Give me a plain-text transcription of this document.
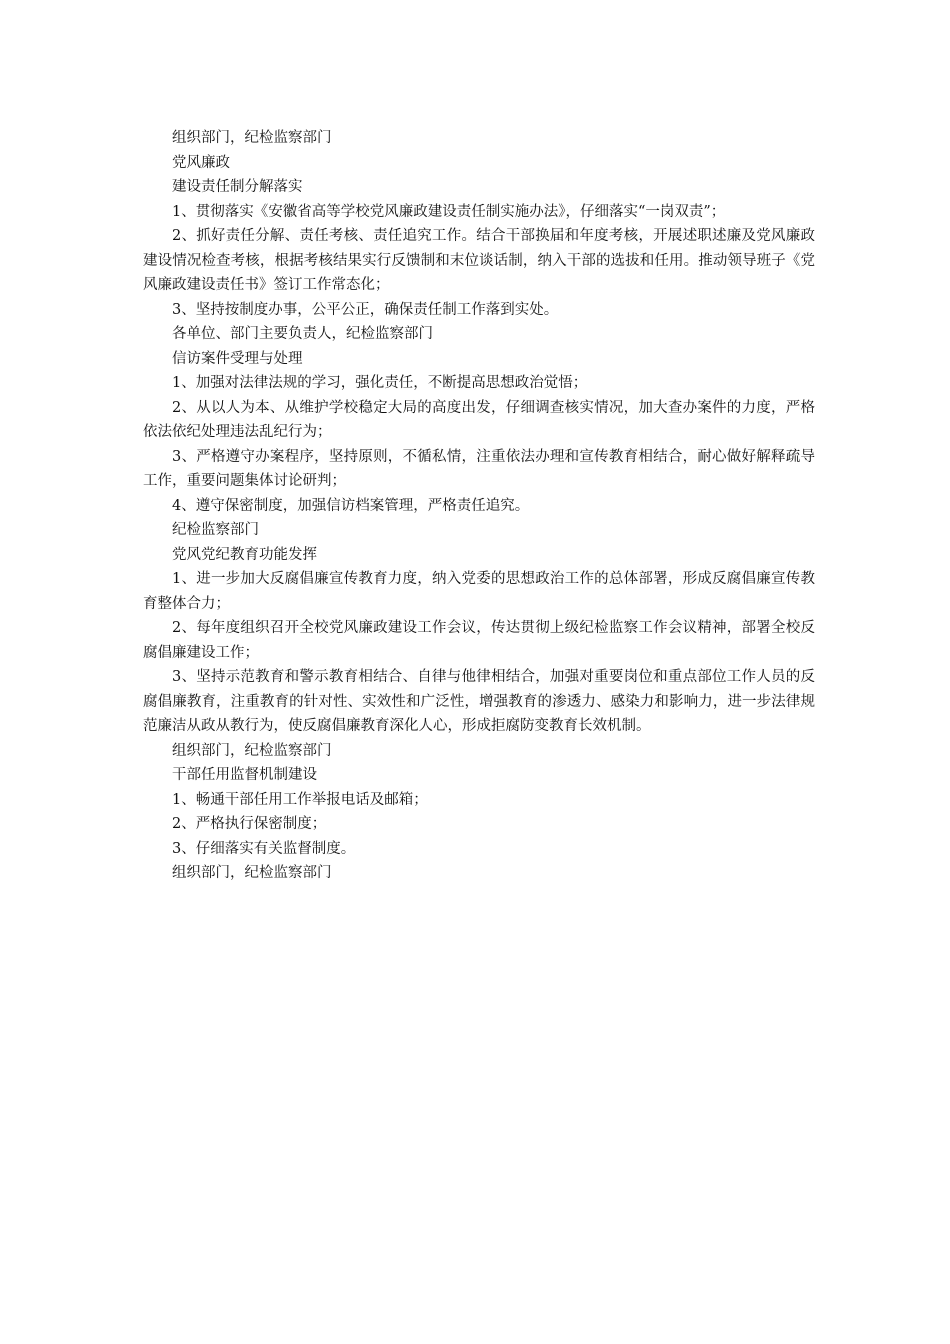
组织部门，纪检监察部门

党风廉政

建设责任制分解落实

1、贯彻落实《安徽省高等学校党风廉政建设责任制实施办法》，仔细落实“一岗双责”；

2、抓好责任分解、责任考核、责任追究工作。结合干部换届和年度考核，开展述职述廉及党风廉政建设情况检查考核，根据考核结果实行反馈制和末位谈话制，纳入干部的选拔和任用。推动领导班子《党风廉政建设责任书》签订工作常态化；

3、坚持按制度办事，公平公正，确保责任制工作落到实处。

各单位、部门主要负责人，纪检监察部门

信访案件受理与处理

1、加强对法律法规的学习，强化责任，不断提高思想政治觉悟；

2、从以人为本、从维护学校稳定大局的高度出发，仔细调查核实情况，加大查办案件的力度，严格依法依纪处理违法乱纪行为；

3、严格遵守办案程序，坚持原则，不循私情，注重依法办理和宣传教育相结合，耐心做好解释疏导工作，重要问题集体讨论研判；

4、遵守保密制度，加强信访档案管理，严格责任追究。

纪检监察部门

党风党纪教育功能发挥

1、进一步加大反腐倡廉宣传教育力度，纳入党委的思想政治工作的总体部署，形成反腐倡廉宣传教育整体合力；

2、每年度组织召开全校党风廉政建设工作会议，传达贯彻上级纪检监察工作会议精神，部署全校反腐倡廉建设工作；

3、坚持示范教育和警示教育相结合、自律与他律相结合，加强对重要岗位和重点部位工作人员的反腐倡廉教育，注重教育的针对性、实效性和广泛性，增强教育的渗透力、感染力和影响力，进一步法律规范廉洁从政从教行为，使反腐倡廉教育深化人心，形成拒腐防变教育长效机制。

组织部门，纪检监察部门

干部任用监督机制建设

1、畅通干部任用工作举报电话及邮箱；

2、严格执行保密制度；

3、仔细落实有关监督制度。

组织部门，纪检监察部门
